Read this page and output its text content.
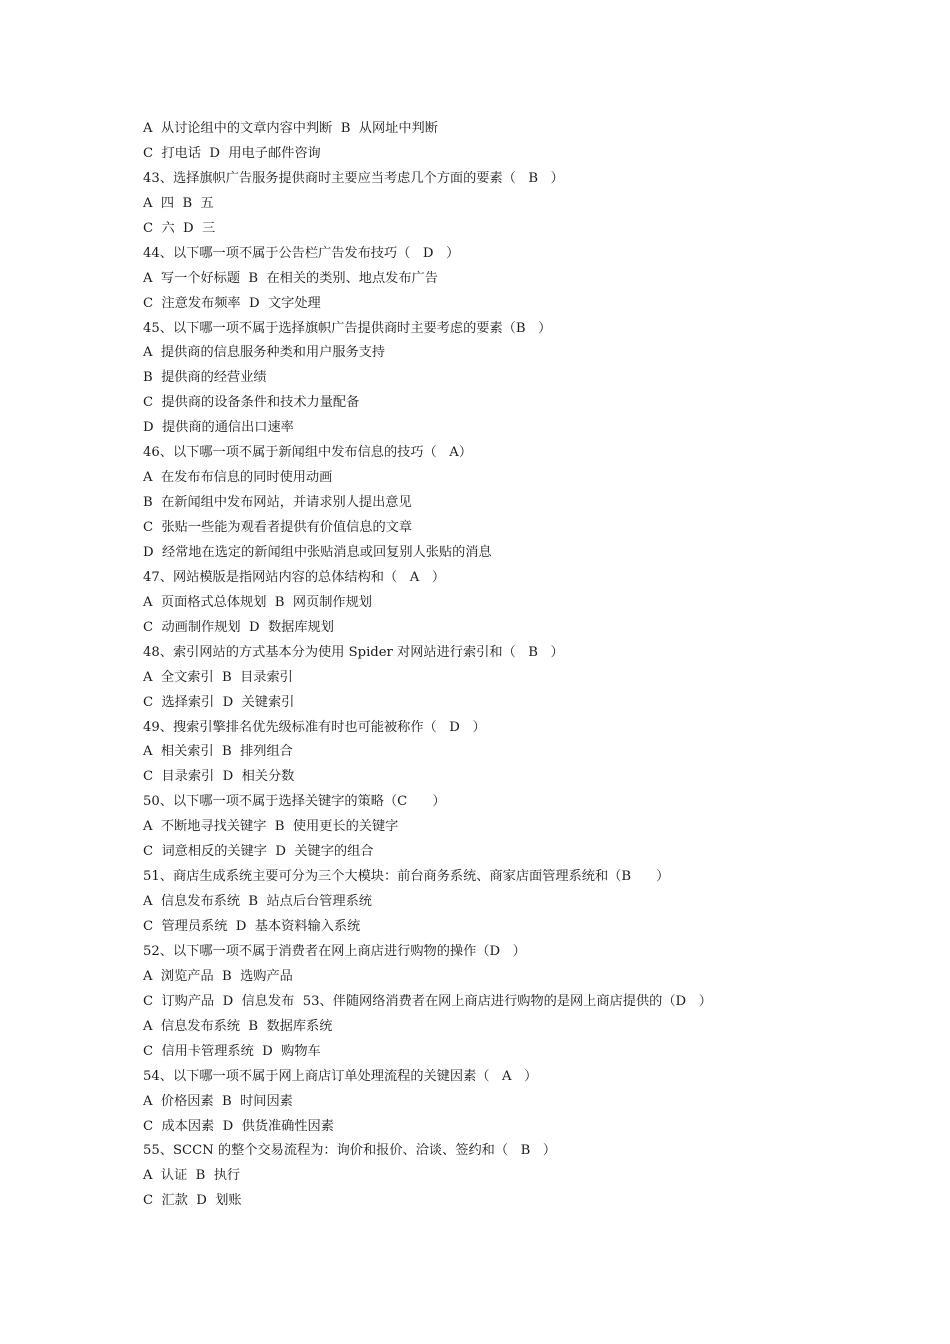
A  从讨论组中的文章内容中判断  B  从网址中判断
C  打电话  D  用电子邮件咨询
43、选择旗帜广告服务提供商时主要应当考虑几个方面的要素（   B   ）
A  四  B  五
C  六  D  三
44、以下哪一项不属于公告栏广告发布技巧（   D   ）
A  写一个好标题  B  在相关的类别、地点发布广告
C  注意发布频率  D  文字处理
45、以下哪一项不属于选择旗帜广告提供商时主要考虑的要素（B   ）
A  提供商的信息服务种类和用户服务支持
B  提供商的经营业绩
C  提供商的设备条件和技术力量配备
D  提供商的通信出口速率
46、以下哪一项不属于新闻组中发布信息的技巧（   A）
A  在发布布信息的同时使用动画
B  在新闻组中发布网站，并请求别人提出意见
C  张贴一些能为观看者提供有价值信息的文章
D  经常地在选定的新闻组中张贴消息或回复别人张贴的消息
47、网站模版是指网站内容的总体结构和（   A   ）
A  页面格式总体规划  B  网页制作规划
C  动画制作规划  D  数据库规划
48、索引网站的方式基本分为使用 Spider 对网站进行索引和（   B   ）
A  全文索引  B  目录索引
C  选择索引  D  关键索引
49、搜索引擎排名优先级标准有时也可能被称作（   D   ）
A  相关索引  B  排列组合
C  目录索引  D  相关分数
50、以下哪一项不属于选择关键字的策略（C      ）
A  不断地寻找关键字  B  使用更长的关键字
C  词意相反的关键字  D  关键字的组合
51、商店生成系统主要可分为三个大模块：前台商务系统、商家店面管理系统和（B      ）
A  信息发布系统  B  站点后台管理系统
C  管理员系统  D  基本资料输入系统
52、以下哪一项不属于消费者在网上商店进行购物的操作（D   ）
A  浏览产品  B  选购产品
C  订购产品  D  信息发布  53、伴随网络消费者在网上商店进行购物的是网上商店提供的（D   ）
A  信息发布系统  B  数据库系统
C  信用卡管理系统  D  购物车
54、以下哪一项不属于网上商店订单处理流程的关键因素（   A   ）
A  价格因素  B  时间因素
C  成本因素  D  供货准确性因素
55、SCCN 的整个交易流程为：询价和报价、洽谈、签约和（   B   ）
A  认证  B  执行
C  汇款  D  划账
